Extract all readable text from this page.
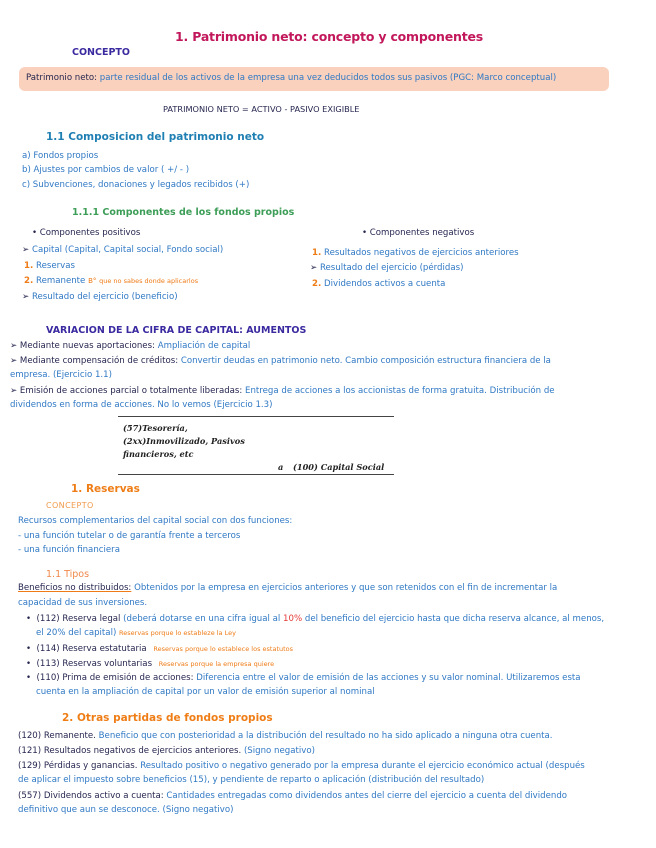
1. Patrimonio neto: concepto y componentes
CONCEPTO
Patrimonio neto: parte residual de los activos de la empresa una vez deducidos todos sus pasivos (PGC: Marco conceptual)
PATRIMONIO NETO = ACTIVO - PASIVO EXIGIBLE
1.1 Composicion del patrimonio neto
a) Fondos propios
b) Ajustes por cambios de valor ( +/ - )
c) Subvenciones, donaciones y legados recibidos (+)
1.1.1 Componentes de los fondos propios
• Componentes positivos
➢ Capital (Capital, Capital social, Fondo social)
1. Reservas
2. Remanente B° que no sabes donde aplicarlos
➢ Resultado del ejercicio (beneficio)
• Componentes negativos
1. Resultados negativos de ejercicios anteriores
➢ Resultado del ejercicio (pérdidas)
2. Dividendos activos a cuenta
VARIACION DE LA CIFRA DE CAPITAL: AUMENTOS
➢ Mediante nuevas aportaciones: Ampliación de capital
➢ Mediante compensación de créditos: Convertir deudas en patrimonio neto. Cambio composición estructura financiera de la
empresa. (Ejercicio 1.1)
➢ Emisión de acciones parcial o totalmente liberadas: Entrega de acciones a los accionistas de forma gratuita. Distribución de
dividendos en forma de acciones. No lo vemos (Ejercicio 1.3)
(57)Tesorería,
(2xx)Inmovilizado, Pasivos
financieros, etc
a (100) Capital Social
1. Reservas
CONCEPTO
Recursos complementarios del capital social con dos funciones:
- una función tutelar o de garantía frente a terceros
- una función financiera
1.1 Tipos
Beneficios no distribuidos: Obtenidos por la empresa en ejercicios anteriores y que son retenidos con el fin de incrementar la
capacidad de sus inversiones.
•  (112) Reserva legal (deberá dotarse en una cifra igual al 10% del beneficio del ejercicio hasta que dicha reserva alcance, al menos,
el 20% del capital) Reservas porque lo estableze la Ley
•  (114) Reserva estatutaria Reservas porque lo establece los estatutos
•  (113) Reservas voluntarias Reservas porque la empresa quiere
•  (110) Prima de emisión de acciones: Diferencia entre el valor de emisión de las acciones y su valor nominal. Utilizaremos esta
cuenta en la ampliación de capital por un valor de emisión superior al nominal
2. Otras partidas de fondos propios
(120) Remanente. Beneficio que con posterioridad a la distribución del resultado no ha sido aplicado a ninguna otra cuenta.
(121) Resultados negativos de ejercicios anteriores. (Signo negativo)
(129) Pérdidas y ganancias. Resultado positivo o negativo generado por la empresa durante el ejercicio económico actual (después
de aplicar el impuesto sobre beneficios (15), y pendiente de reparto o aplicación (distribución del resultado)
(557) Dividendos activo a cuenta: Cantidades entregadas como dividendos antes del cierre del ejercicio a cuenta del dividendo
definitivo que aun se desconoce. (Signo negativo)
